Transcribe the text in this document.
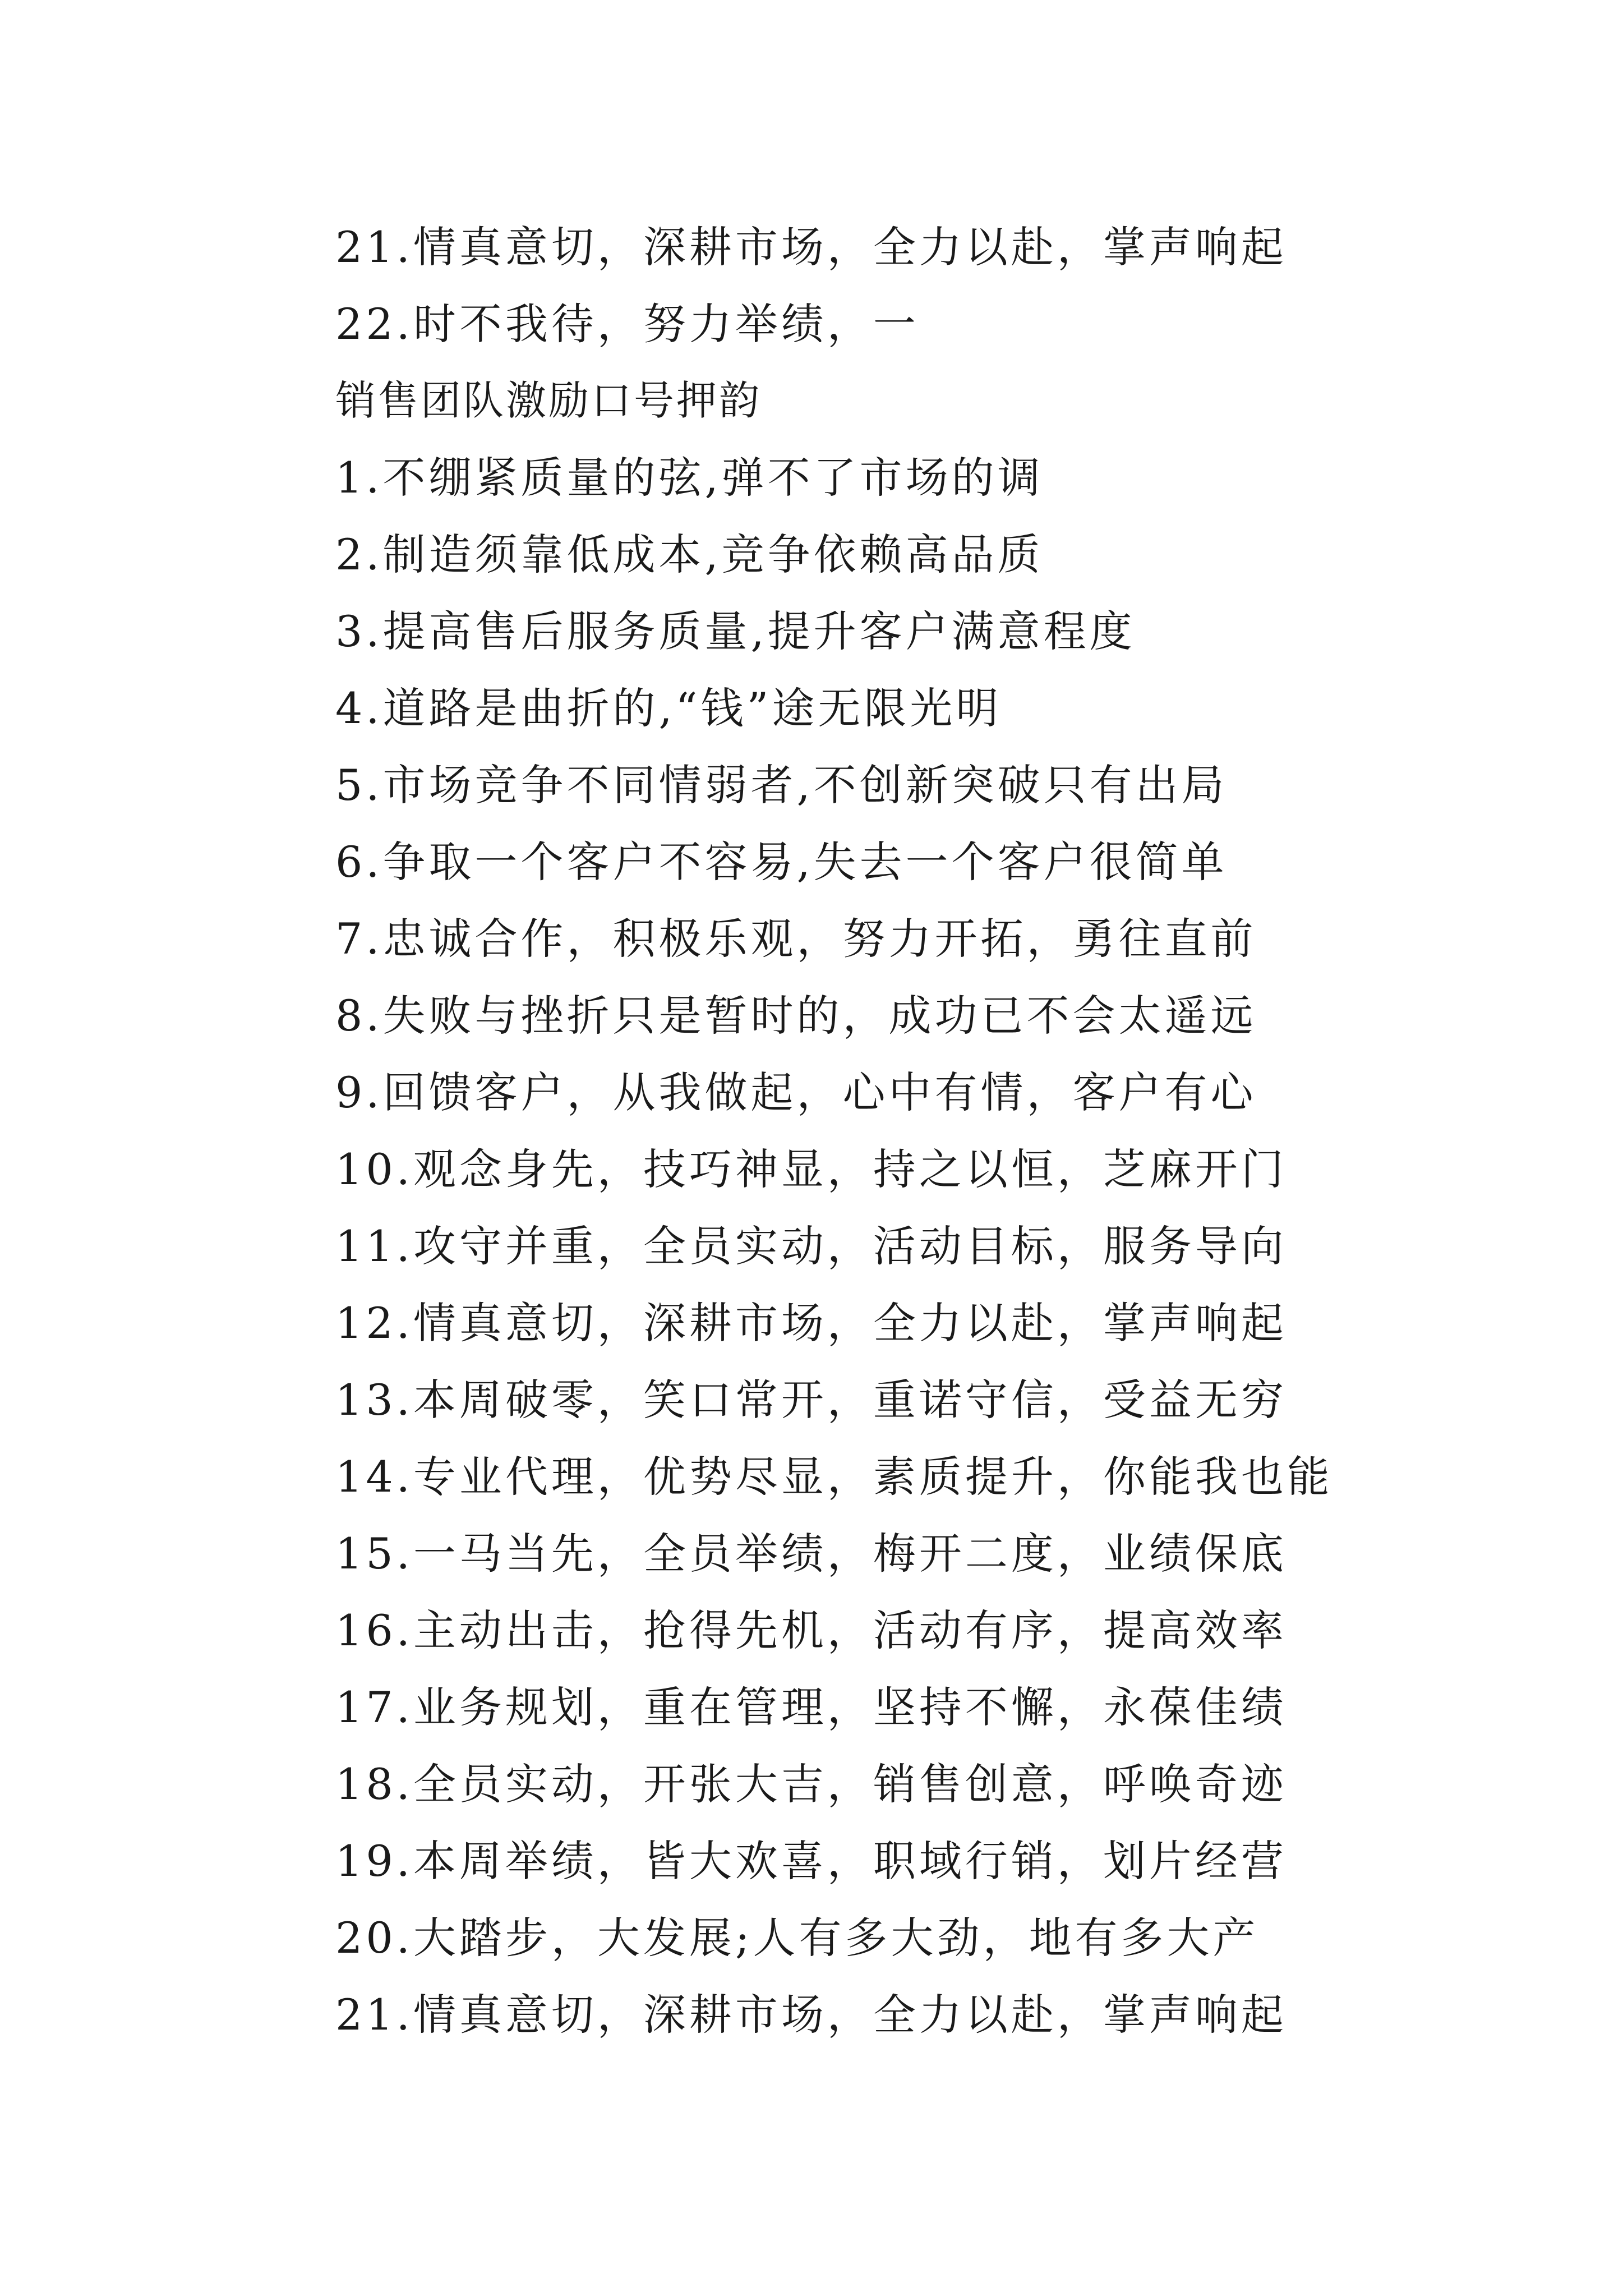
21.情真意切，深耕市场，全力以赴，掌声响起
22.时不我待，努力举绩，一
销售团队激励口号押韵
1.不绷紧质量的弦,弹不了市场的调
2.制造须靠低成本,竞争依赖高品质
3.提高售后服务质量,提升客户满意程度
4.道路是曲折的,“钱”途无限光明
5.市场竞争不同情弱者,不创新突破只有出局
6.争取一个客户不容易,失去一个客户很简单
7.忠诚合作，积极乐观，努力开拓，勇往直前
8.失败与挫折只是暂时的，成功已不会太遥远
9.回馈客户，从我做起，心中有情，客户有心
10.观念身先，技巧神显，持之以恒，芝麻开门
11.攻守并重，全员实动，活动目标，服务导向
12.情真意切，深耕市场，全力以赴，掌声响起
13.本周破零，笑口常开，重诺守信，受益无穷
14.专业代理，优势尽显，素质提升，你能我也能
15.一马当先，全员举绩，梅开二度，业绩保底
16.主动出击，抢得先机，活动有序，提高效率
17.业务规划，重在管理，坚持不懈，永葆佳绩
18.全员实动，开张大吉，销售创意，呼唤奇迹
19.本周举绩，皆大欢喜，职域行销，划片经营
20.大踏步，大发展;人有多大劲，地有多大产
21.情真意切，深耕市场，全力以赴，掌声响起
